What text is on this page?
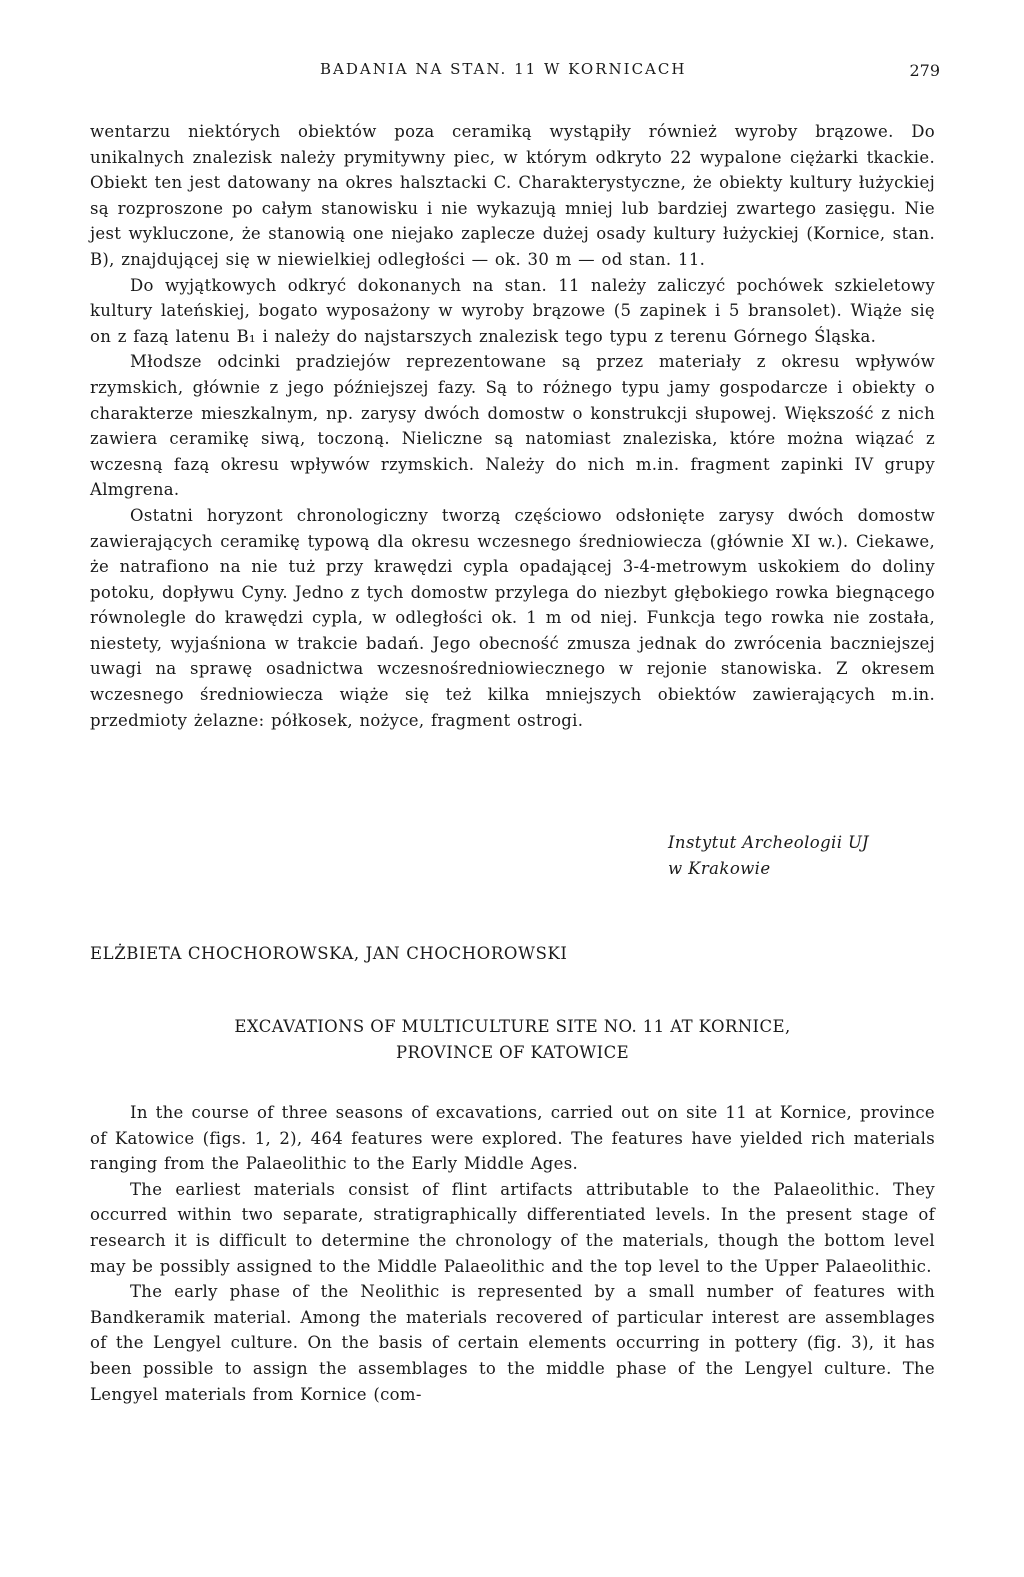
BADANIA NA STAN. 11 W KORNICACH	279

wentarzu niektórych obiektów poza ceramiką wystąpiły również wyroby brązowe. Do unikalnych znalezisk należy prymitywny piec, w którym odkryto 22 wypalone ciężarki tkackie. Obiekt ten jest datowany na okres halsztacki C. Charakterystyczne, że obiekty kultury łużyckiej są rozproszone po całym stanowisku i nie wykazują mniej lub bardziej zwartego zasięgu. Nie jest wykluczone, że stanowią one niejako zaplecze dużej osady kultury łużyckiej (Kornice, stan. B), znajdującej się w niewielkiej odległości — ok. 30 m — od stan. 11.

Do wyjątkowych odkryć dokonanych na stan. 11 należy zaliczyć pochówek szkieletowy kultury lateńskiej, bogato wyposażony w wyroby brązowe (5 zapinek i 5 bransolet). Wiąże się on z fazą latenu B₁ i należy do najstarszych znalezisk tego typu z terenu Górnego Śląska.

Młodsze odcinki pradziejów reprezentowane są przez materiały z okresu wpływów rzymskich, głównie z jego późniejszej fazy. Są to różnego typu jamy gospodarcze i obiekty o charakterze mieszkalnym, np. zarysy dwóch domostw o konstrukcji słupowej. Większość z nich zawiera ceramikę siwą, toczoną. Nieliczne są natomiast znaleziska, które można wiązać z wczesną fazą okresu wpływów rzymskich. Należy do nich m.in. fragment zapinki IV grupy Almgrena.

Ostatni horyzont chronologiczny tworzą częściowo odsłonięte zarysy dwóch domostw zawierających ceramikę typową dla okresu wczesnego średniowiecza (głównie XI w.). Ciekawe, że natrafiono na nie tuż przy krawędzi cypla opadającej 3-4-metrowym uskokiem do doliny potoku, dopływu Cyny. Jedno z tych domostw przylega do niezbyt głębokiego rowka biegnącego równolegle do krawędzi cypla, w odległości ok. 1 m od niej. Funkcja tego rowka nie została, niestety, wyjaśniona w trakcie badań. Jego obecność zmusza jednak do zwrócenia baczniejszej uwagi na sprawę osadnictwa wczesnośredniowiecznego w rejonie stanowiska. Z okresem wczesnego średniowiecza wiąże się też kilka mniejszych obiektów zawierających m.in. przedmioty żelazne: półkosek, nożyce, fragment ostrogi.

Instytut Archeologii UJ
w Krakowie
ELŻBIETA CHOCHOROWSKA, JAN CHOCHOROWSKI
EXCAVATIONS OF MULTICULTURE SITE NO. 11 AT KORNICE,
PROVINCE OF KATOWICE

In the course of three seasons of excavations, carried out on site 11 at Kornice, province of Katowice (figs. 1, 2), 464 features were explored. The features have yielded rich materials ranging from the Palaeolithic to the Early Middle Ages.

The earliest materials consist of flint artifacts attributable to the Palaeolithic. They occurred within two separate, stratigraphically differentiated levels. In the present stage of research it is difficult to determine the chronology of the materials, though the bottom level may be possibly assigned to the Middle Palaeolithic and the top level to the Upper Palaeolithic.

The early phase of the Neolithic is represented by a small number of features with Bandkeramik material. Among the materials recovered of particular interest are assemblages of the Lengyel culture. On the basis of certain elements occurring in pottery (fig. 3), it has been possible to assign the assemblages to the middle phase of the Lengyel culture. The Lengyel materials from Kornice (com-
